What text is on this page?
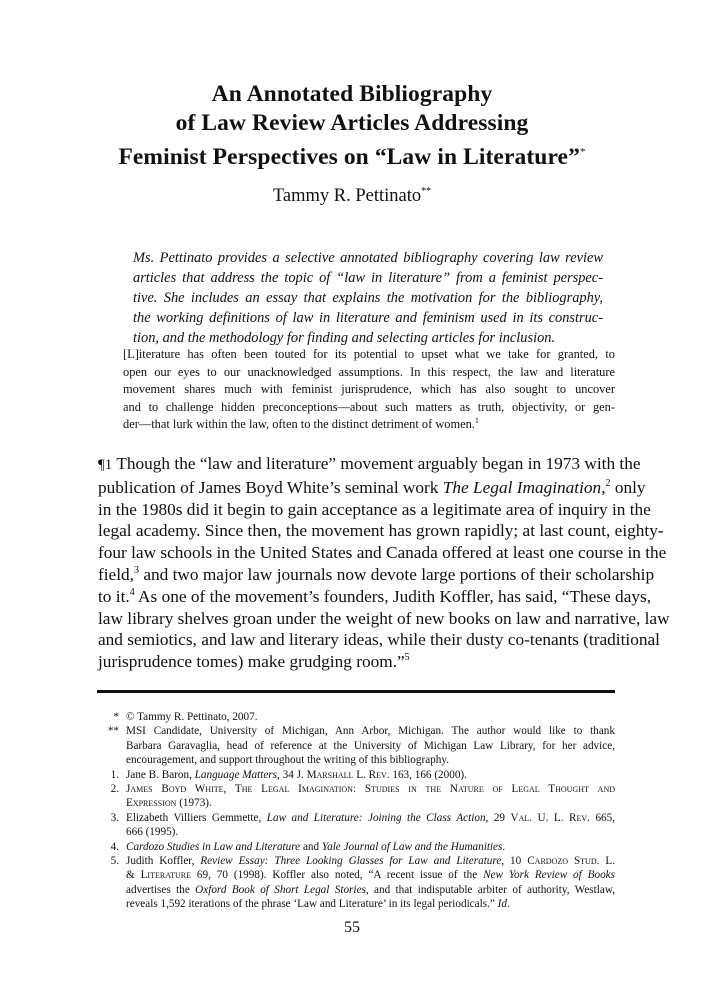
An Annotated Bibliography
of Law Review Articles Addressing
Feminist Perspectives on “Law in Literature”*
Tammy R. Pettinato**
Ms. Pettinato provides a selective annotated bibliography covering law review
articles that address the topic of “law in literature” from a feminist perspec-
tive. She includes an essay that explains the motivation for the bibliography,
the working definitions of law in literature and feminism used in its construc-
tion, and the methodology for finding and selecting articles for inclusion.
[L]iterature has often been touted for its potential to upset what we take for granted, to
open our eyes to our unacknowledged assumptions. In this respect, the law and literature
movement shares much with feminist jurisprudence, which has also sought to uncover
and to challenge hidden preconceptions—about such matters as truth, objectivity, or gen-
der—that lurk within the law, often to the distinct detriment of women.$^1$
¶1 Though the “law and literature” movement arguably began in 1973 with the
publication of James Boyd White’s seminal work The Legal Imagination,$^2$ only
in the 1980s did it begin to gain acceptance as a legitimate area of inquiry in the
legal academy. Since then, the movement has grown rapidly; at last count, eighty-
four law schools in the United States and Canada offered at least one course in the
field,$^3$ and two major law journals now devote large portions of their scholarship
to it.$^4$ As one of the movement’s founders, Judith Koffler, has said, “These days,
law library shelves groan under the weight of new books on law and narrative, law
and semiotics, and law and literary ideas, while their dusty co-tenants (traditional
jurisprudence tomes) make grudging room.”$^5$
* © Tammy R. Pettinato, 2007.
** MSI Candidate, University of Michigan, Ann Arbor, Michigan. The author would like to thank
Barbara Garavaglia, head of reference at the University of Michigan Law Library, for her advice,
encouragement, and support throughout the writing of this bibliography.
1. Jane B. Baron, Language Matters, 34 J. Marshall L. Rev. 163, 166 (2000).
2. James Boyd White, The Legal Imagination: Studies in the Nature of Legal Thought and
Expression (1973).
3. Elizabeth Villiers Gemmette, Law and Literature: Joining the Class Action, 29 Val. U. L. Rev. 665,
666 (1995).
4. Cardozo Studies in Law and Literature and Yale Journal of Law and the Humanities.
5. Judith Koffler, Review Essay: Three Looking Glasses for Law and Literature, 10 Cardozo Stud. L.
& Literature 69, 70 (1998). Koffler also noted, “A recent issue of the New York Review of Books
advertises the Oxford Book of Short Legal Stories, and that indisputable arbiter of authority, Westlaw,
reveals 1,592 iterations of the phrase ‘Law and Literature’ in its legal periodicals.” Id.
55
